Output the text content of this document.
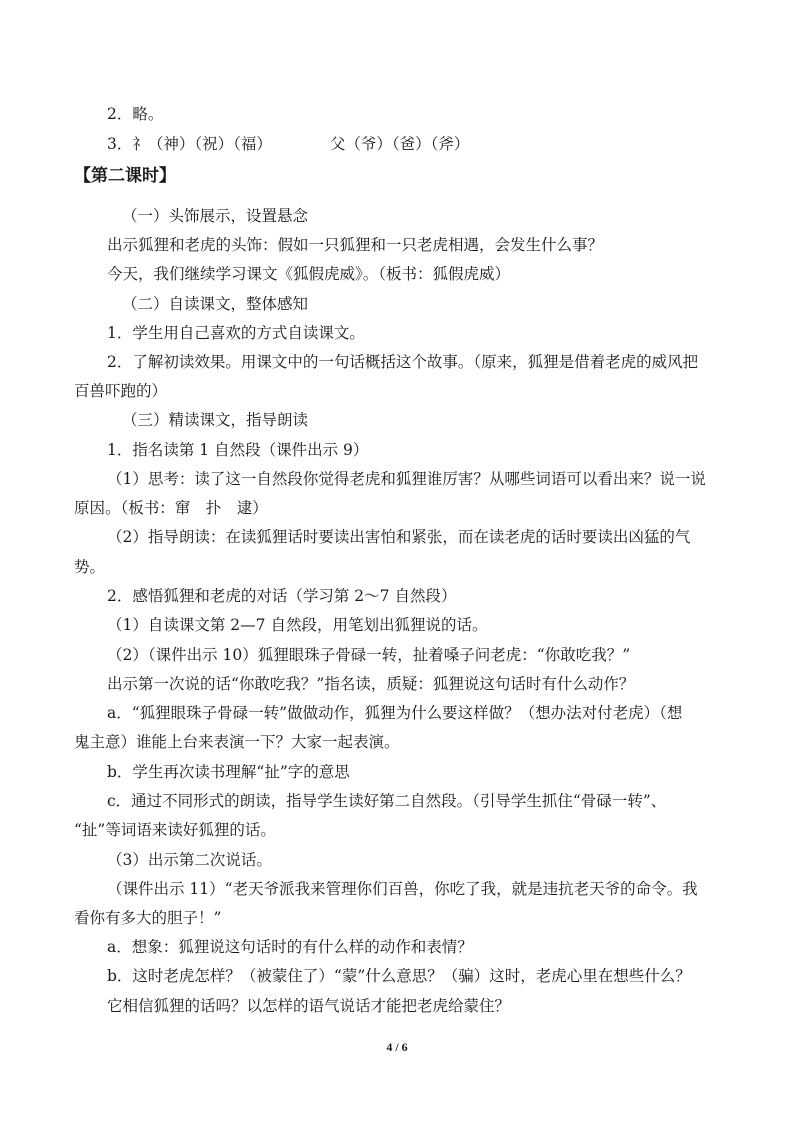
2．略。
3．礻（神）（祝）（福）	父（爷）（爸）（斧）
【第二课时】
（一）头饰展示，设置悬念
出示狐狸和老虎的头饰：假如一只狐狸和一只老虎相遇，会发生什么事？
今天，我们继续学习课文《狐假虎威》。（板书：狐假虎威）
（二）自读课文，整体感知
1．学生用自己喜欢的方式自读课文。
2．了解初读效果。用课文中的一句话概括这个故事。（原来，狐狸是借着老虎的威风把
百兽吓跑的）
（三）精读课文，指导朗读
1．指名读第 1 自然段（课件出示 9）
（1）思考：读了这一自然段你觉得老虎和狐狸谁厉害？从哪些词语可以看出来？说一说
原因。（板书：窜　扑　逮）
（2）指导朗读：在读狐狸话时要读出害怕和紧张，而在读老虎的话时要读出凶猛的气
势。
2．感悟狐狸和老虎的对话（学习第 2～7 自然段）
（1）自读课文第 2—7 自然段，用笔划出狐狸说的话。
（2）（课件出示 10）狐狸眼珠子骨碌一转，扯着嗓子问老虎：“你敢吃我？”
出示第一次说的话“你敢吃我？”指名读，质疑：狐狸说这句话时有什么动作？
a．“狐狸眼珠子骨碌一转”做做动作，狐狸为什么要这样做？（想办法对付老虎）（想
鬼主意）谁能上台来表演一下？大家一起表演。
b．学生再次读书理解“扯”字的意思
c．通过不同形式的朗读，指导学生读好第二自然段。（引导学生抓住“骨碌一转”、
“扯”等词语来读好狐狸的话。
（3）出示第二次说话。
（课件出示 11）“老天爷派我来管理你们百兽，你吃了我，就是违抗老天爷的命令。我
看你有多大的胆子！”
a．想象：狐狸说这句话时的有什么样的动作和表情？
b．这时老虎怎样？（被蒙住了）“蒙”什么意思？（骗）这时，老虎心里在想些什么？
它相信狐狸的话吗？以怎样的语气说话才能把老虎给蒙住？
4 / 6
